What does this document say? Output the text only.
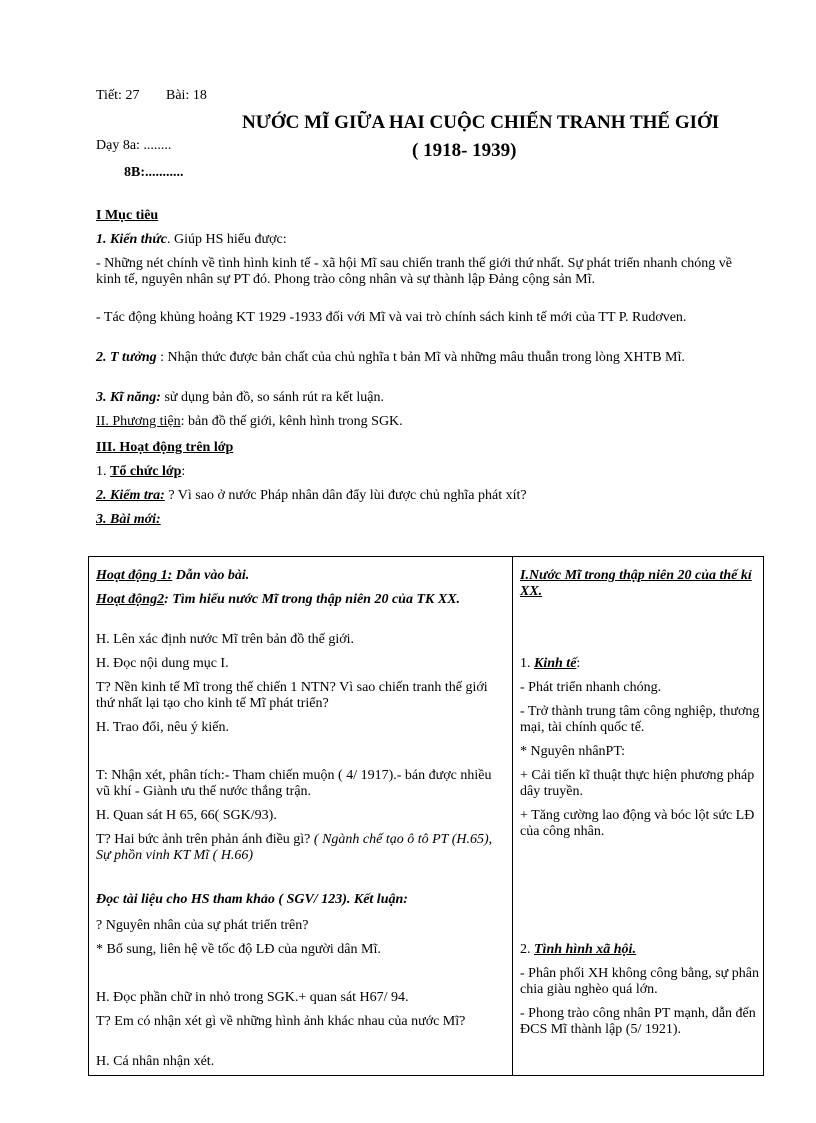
Tiết: 27 Bài: 18
NƯỚC MĨ GIỮA HAI CUỘC CHIẾN TRANH THẾ GIỚI
( 1918- 1939)
Dạy 8a: ........
8B:...........
I Mục tiêu
1. Kiến thức. Giúp HS hiểu được:

- Những nét chính về tình hình kinh tế - xã hội Mĩ sau chiến tranh thế giới thứ nhất. Sự phát triển nhanh chóng về kinh tế, nguyên nhân sự PT đó. Phong trào công nhân và sự thành lập Đảng cộng sản Mĩ.

- Tác động khủng hoảng KT 1929 -1933 đối với Mĩ và vai trò chính sách kinh tế mới của TT P. Rudơven.

2. T tưởng : Nhận thức được bản chất của chủ nghĩa t bản Mĩ và những mâu thuẫn trong lòng XHTB Mĩ.

3. Kĩ năng: sử dụng bản đồ, so sánh rút ra kết luận.
II. Phương tiện: bản đồ thế giới, kênh hình trong SGK.
III. Hoạt động trên lớp
1. Tổ chức lớp:
2. Kiểm tra: ? Vì sao ở nước Pháp nhân dân đẩy lùi được chủ nghĩa phát xít?
3. Bài mới:

Hoạt động 1: Dẫn vào bài.

Hoạt động2: Tìm hiểu nước Mĩ trong thập niên 20 của TK XX.

H. Lên xác định nước Mĩ trên bản đồ thế giới.

H. Đọc nội dung mục I.

T? Nền kinh tế Mĩ trong thế chiến 1 NTN? Vì sao chiến tranh thế giới thứ nhất lại tạo cho kinh tế Mĩ phát triển?

H. Trao đổi, nêu ý kiến.

T: Nhận xét, phân tích:- Tham chiến muộn ( 4/ 1917).- bán được nhiều vũ khí - Giành ưu thế nước thắng trận.

H. Quan sát H 65, 66( SGK/93).

T? Hai bức ảnh trên phản ánh điều gì? ( Ngành chế tạo ô tô PT (H.65), Sự phồn vinh KT Mĩ ( H.66)

Đọc tài liệu cho HS tham khảo ( SGV/ 123). Kết luận:

? Nguyên nhân của sự phát triển trên?

* Bổ sung, liên hệ về tốc độ LĐ của người dân Mĩ.

H. Đọc phần chữ in nhỏ trong SGK.+ quan sát H67/ 94.

T? Em có nhận xét gì về những hình ảnh khác nhau của nước Mĩ?

H. Cá nhân nhận xét.

I.Nước Mĩ trong thập niên 20 của thế kỉ XX.

1. Kinh tế:

- Phát triển nhanh chóng.

- Trở thành trung tâm công nghiệp, thương mại, tài chính quốc tế.

* Nguyên nhânPT:

+ Cải tiến kĩ thuật thực hiện phương pháp dây truyền.

+ Tăng cường lao động và bóc lột sức LĐ của công nhân.

2. Tình hình xã hội.

- Phân phối XH không công bằng, sự phân chia giàu nghèo quá lớn.

- Phong trào công nhân PT mạnh, dẫn đến ĐCS Mĩ thành lập (5/ 1921).
